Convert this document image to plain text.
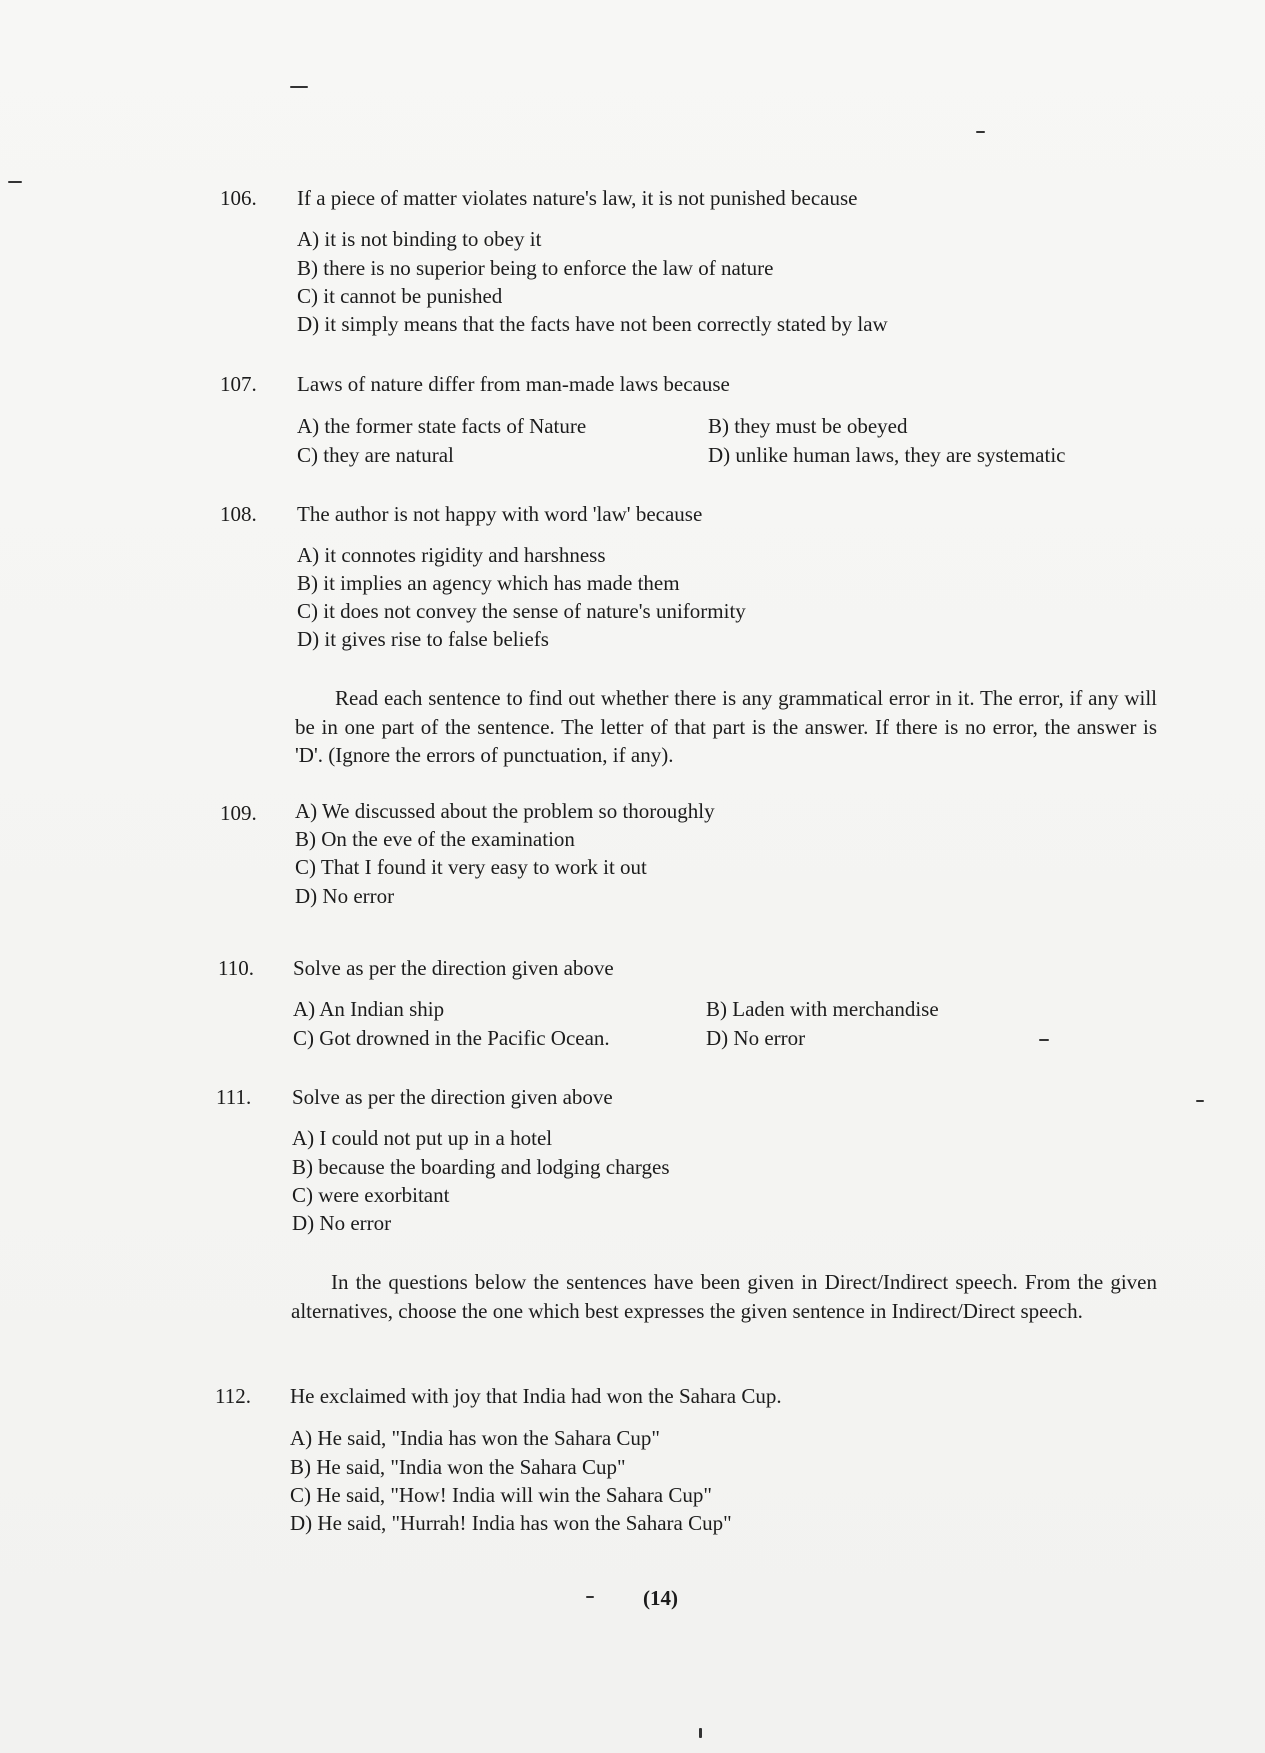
106.	If a piece of matter violates nature's law, it is not punished because
A) it is not binding to obey it
B) there is no superior being to enforce the law of nature
C) it cannot be punished
D) it simply means that the facts have not been correctly stated by law
107.	Laws of nature differ from man-made laws because
A) the former state facts of Nature	B) they must be obeyed
C) they are natural	D) unlike human laws, they are systematic
108.	The author is not happy with word 'law' because
A) it connotes rigidity and harshness
B) it implies an agency which has made them
C) it does not convey the sense of nature's uniformity
D) it gives rise to false beliefs
Read each sentence to find out whether there is any grammatical error in it. The error, if any will be in one part of the sentence. The letter of that part is the answer. If there is no error, the answer is 'D'. (Ignore the errors of punctuation, if any).
109.	A) We discussed about the problem so thoroughly
B) On the eve of the examination
C) That I found it very easy to work it out
D) No error
110.	Solve as per the direction given above
A) An Indian ship	B) Laden with merchandise
C) Got drowned in the Pacific Ocean.	D) No error
111.	Solve as per the direction given above
A) I could not put up in a hotel
B) because the boarding and lodging charges
C) were exorbitant
D) No error
In the questions below the sentences have been given in Direct/Indirect speech. From the given alternatives, choose the one which best expresses the given sentence in Indirect/Direct speech.
112.	He exclaimed with joy that India had won the Sahara Cup.
A) He said, "India has won the Sahara Cup"
B) He said, "India won the Sahara Cup"
C) He said, "How! India will win the Sahara Cup"
D) He said, "Hurrah! India has won the Sahara Cup"
(14)
